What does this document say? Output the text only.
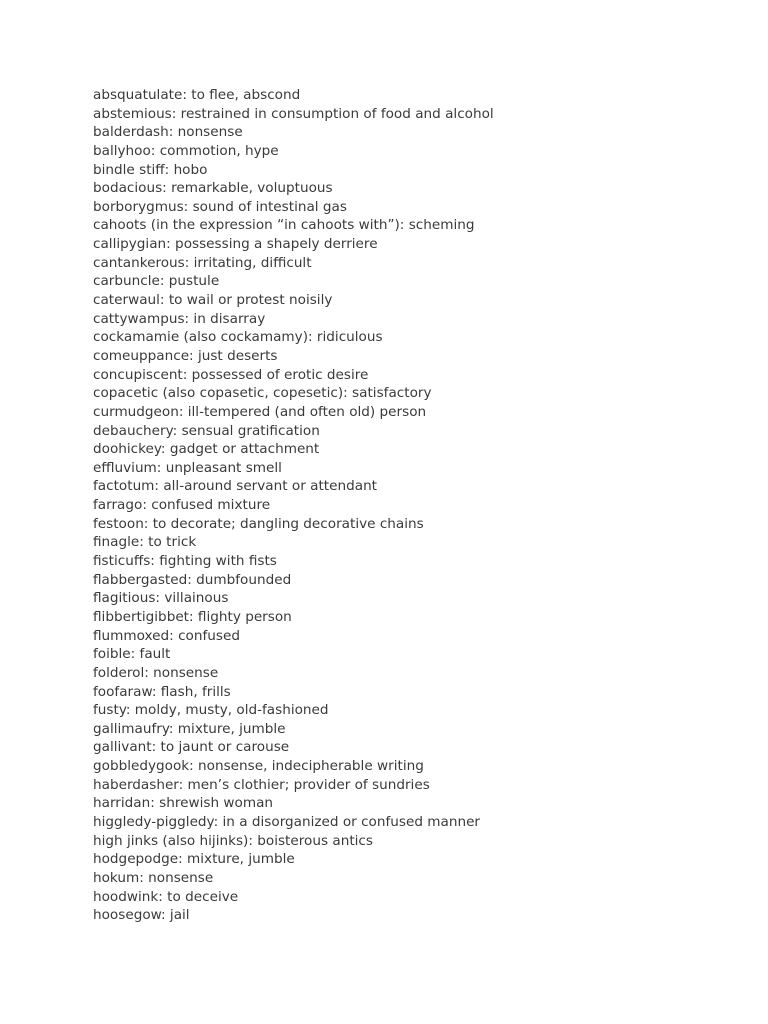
absquatulate: to flee, abscond
abstemious: restrained in consumption of food and alcohol
balderdash: nonsense
ballyhoo: commotion, hype
bindle stiff: hobo
bodacious: remarkable, voluptuous
borborygmus: sound of intestinal gas
cahoots (in the expression “in cahoots with”): scheming
callipygian: possessing a shapely derriere
cantankerous: irritating, difficult
carbuncle: pustule
caterwaul: to wail or protest noisily
cattywampus: in disarray
cockamamie (also cockamamy): ridiculous
comeuppance: just deserts
concupiscent: possessed of erotic desire
copacetic (also copasetic, copesetic): satisfactory
curmudgeon: ill-tempered (and often old) person
debauchery: sensual gratification
doohickey: gadget or attachment
effluvium: unpleasant smell
factotum: all-around servant or attendant
farrago: confused mixture
festoon: to decorate; dangling decorative chains
finagle: to trick
fisticuffs: fighting with fists
flabbergasted: dumbfounded
flagitious: villainous
flibbertigibbet: flighty person
flummoxed: confused
foible: fault
folderol: nonsense
foofaraw: flash, frills
fusty: moldy, musty, old-fashioned
gallimaufry: mixture, jumble
gallivant: to jaunt or carouse
gobbledygook: nonsense, indecipherable writing
haberdasher: men’s clothier; provider of sundries
harridan: shrewish woman
higgledy-piggledy: in a disorganized or confused manner
high jinks (also hijinks): boisterous antics
hodgepodge: mixture, jumble
hokum: nonsense
hoodwink: to deceive
hoosegow: jail
